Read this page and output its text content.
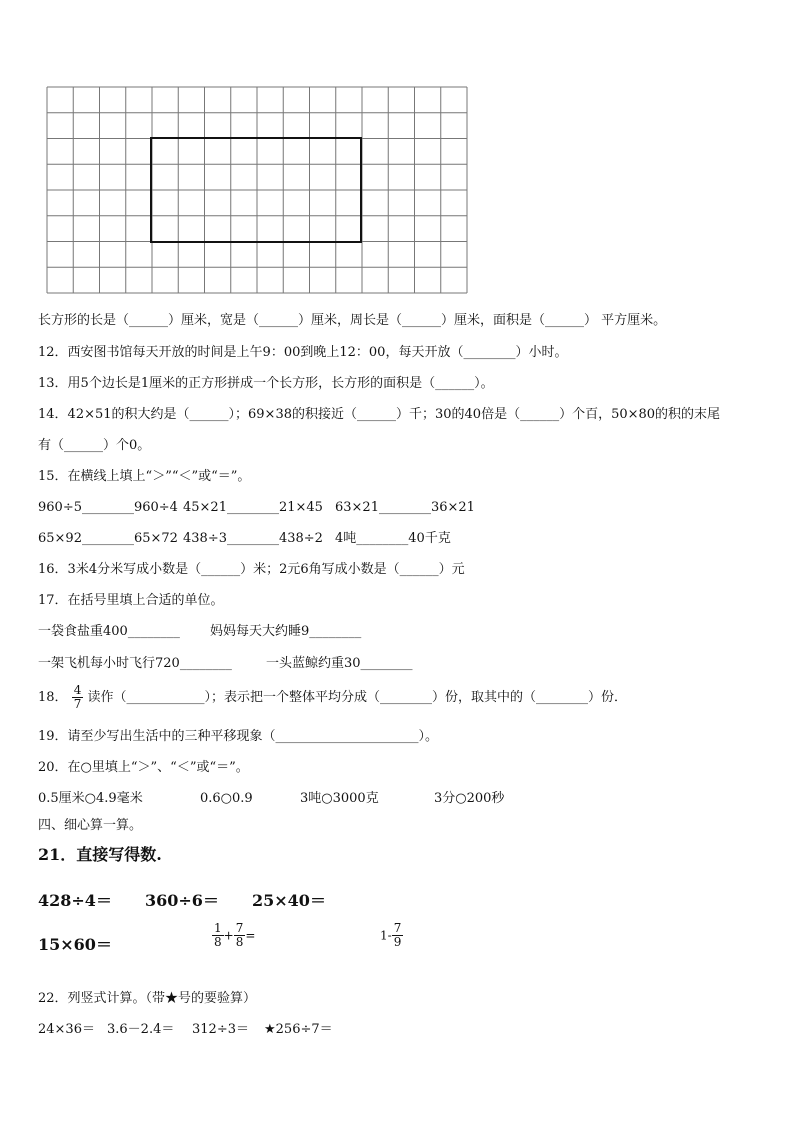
长方形的长是（______）厘米，宽是（______）厘米，周长是（______）厘米，面积是（______） 平方厘米。
12．西安图书馆每天开放的时间是上午9：00到晚上12：00，每天开放（________）小时。
13．用5个边长是1厘米的正方形拼成一个长方形，长方形的面积是（______）。
14．42×51的积大约是（______）；69×38的积接近（______）千；30的40倍是（______）个百，50×80的积的末尾
有（______）个0。
15．在横线上填上“＞”“＜”或“＝”。
960÷5________960÷4 45×21________21×45 63×21________36×21
65×92________65×72 438÷3________438÷2 4吨________40千克
16．3米4分米写成小数是（______）米；2元6角写成小数是（______）元
17．在括号里填上合适的单位。
一袋食盐重400________ 妈妈每天大约睡9________
一架飞机每小时飞行720________	一头蓝鲸约重30________
18． $\frac{4}{7}$ 读作（____________）；表示把一个整体平均分成（________）份，取其中的（________）份．
19．请至少写出生活中的三种平移现象（______________________）。
20．在○里填上“＞”、“＜”或“＝”。
0.5厘米○4.9毫米	0.6○0.9	3吨○3000克	3分○200秒
四、细心算一算。
21．直接写得数.
428÷4＝ 360÷6＝ 25×40＝
15×60＝	$\frac{1}{8} + \frac{7}{8}$ =	$1- \frac{7}{9}$
22．列竖式计算。（带★号的要验算）
24×36＝ 3.6－2.4＝ 312÷3＝ ★256÷7＝
